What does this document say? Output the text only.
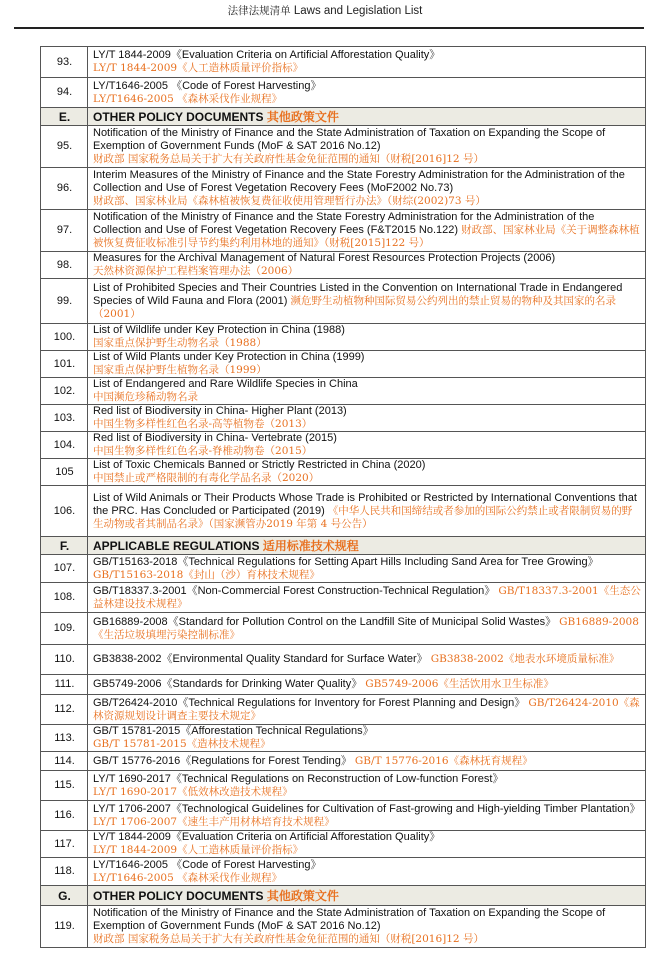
法律法规清单 Laws and Legislation List
93.	LY/T 1844-2009《Evaluation Criteria on Artificial Afforestation Quality》
LY/T 1844-2009《人工造林质量评价指标》
94.	LY/T1646-2005 《Code of Forest Harvesting》
LY/T1646-2005 《森林采伐作业规程》
E.	OTHER POLICY DOCUMENTS 其他政策文件
95.	Notification of the Ministry of Finance and the State Administration of Taxation on Expanding the Scope of Exemption of Government Funds (MoF & SAT 2016 No.12)
财政部 国家税务总局关于扩大有关政府性基金免征范围的通知（财税[2016]12 号）
96.	Interim Measures of the Ministry of Finance and the State Forestry Administration for the Administration of the Collection and Use of Forest Vegetation Recovery Fees (MoF2002 No.73)
财政部、国家林业局《森林植被恢复费征收使用管理暂行办法》（财综(2002)73 号）
97.	Notification of the Ministry of Finance and the State Forestry Administration for the Administration of the Collection and Use of Forest Vegetation Recovery Fees (F&T2015 No.122) 财政部、国家林业局《关于调整森林植被恢复费征收标准引导节约集约利用林地的通知》（财税[2015]122 号）
98.	Measures for the Archival Management of Natural Forest Resources Protection Projects (2006)
天然林资源保护工程档案管理办法（2006）
99.	List of Prohibited Species and Their Countries Listed in the Convention on International Trade in Endangered Species of Wild Fauna and Flora (2001) 濒危野生动植物种国际贸易公约列出的禁止贸易的物种及其国家的名录（2001）
100.	List of Wildlife under Key Protection in China (1988)
国家重点保护野生动物名录（1988）
101.	List of Wild Plants under Key Protection in China (1999)
国家重点保护野生植物名录（1999）
102.	List of Endangered and Rare Wildlife Species in China
中国濒危珍稀动物名录
103.	Red list of Biodiversity in China- Higher Plant (2013)
中国生物多样性红色名录-高等植物卷（2013）
104.	Red list of Biodiversity in China- Vertebrate (2015)
中国生物多样性红色名录-脊椎动物卷（2015）
105	List of Toxic Chemicals Banned or Strictly Restricted in China (2020)
中国禁止或严格限制的有毒化学品名录（2020）
106.	List of Wild Animals or Their Products Whose Trade is Prohibited or Restricted by International Conventions that the PRC. Has Concluded or Participated (2019) 《中华人民共和国缔结或者参加的国际公约禁止或者限制贸易的野生动物或者其制品名录》（国家濒管办2019 年第 4 号公告）
F.	APPLICABLE REGULATIONS 适用标准技术规程
107.	GB/T15163-2018《Technical Regulations for Setting Apart Hills Including Sand Area for Tree Growing》
GB/T15163-2018《封山（沙）育林技术规程》
108.	GB/T18337.3-2001《Non-Commercial Forest Construction-Technical Regulation》 GB/T18337.3-2001《生态公益林建设技术规程》
109.	GB16889-2008《Standard for Pollution Control on the Landfill Site of Municipal Solid Wastes》 GB16889-2008《生活垃圾填埋污染控制标准》
110.	GB3838-2002《Environmental Quality Standard for Surface Water》 GB3838-2002《地表水环境质量标准》
111.	GB5749-2006《Standards for Drinking Water Quality》 GB5749-2006《生活饮用水卫生标准》
112.	GB/T26424-2010《Technical Regulations for Inventory for Forest Planning and Design》 GB/T26424-2010《森林资源规划设计调查主要技术规定》
113.	GB/T 15781-2015《Afforestation Technical Regulations》
GB/T 15781-2015《造林技术规程》
114.	GB/T 15776-2016《Regulations for Forest Tending》 GB/T 15776-2016《森林抚育规程》
115.	LY/T 1690-2017《Technical Regulations on Reconstruction of Low-function Forest》
LY/T 1690-2017《低效林改造技术规程》
116.	LY/T 1706-2007《Technological Guidelines for Cultivation of Fast-growing and High-yielding Timber Plantation》 LY/T 1706-2007《速生丰产用材林培育技术规程》
117.	LY/T 1844-2009《Evaluation Criteria on Artificial Afforestation Quality》
LY/T 1844-2009《人工造林质量评价指标》
118.	LY/T1646-2005 《Code of Forest Harvesting》
LY/T1646-2005 《森林采伐作业规程》
G.	OTHER POLICY DOCUMENTS 其他政策文件
119.	Notification of the Ministry of Finance and the State Administration of Taxation on Expanding the Scope of Exemption of Government Funds (MoF & SAT 2016 No.12)
财政部 国家税务总局关于扩大有关政府性基金免征范围的通知（财税[2016]12 号）
